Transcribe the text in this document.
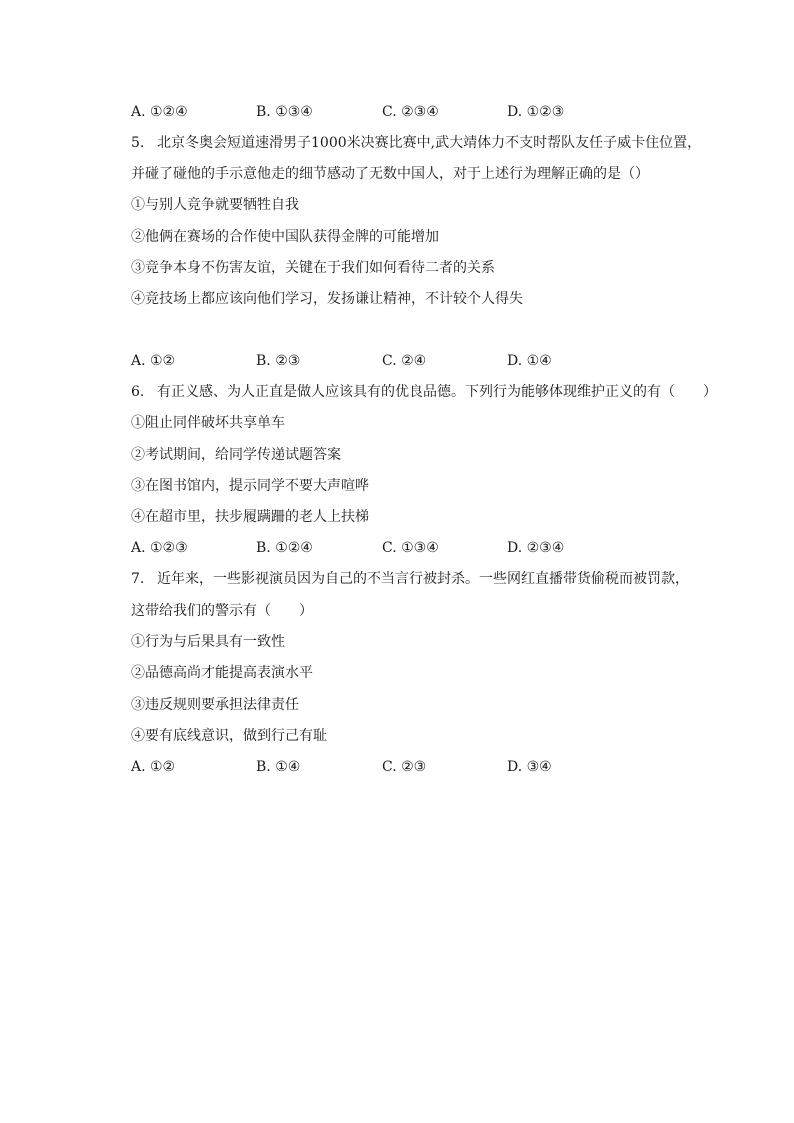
A. ①②④	B. ①③④	C. ②③④	D. ①②③
5. 北京冬奥会短道速滑男子1000米决赛比赛中,武大靖体力不支时帮队友任子威卡住位置，
并碰了碰他的手示意他走的细节感动了无数中国人，对于上述行为理解正确的是（）
①与别人竞争就要牺牲自我
②他俩在赛场的合作使中国队获得金牌的可能增加
③竞争本身不伤害友谊，关键在于我们如何看待二者的关系
④竞技场上都应该向他们学习，发扬谦让精神，不计较个人得失
A. ①②	B. ②③	C. ②④	D. ①④
6. 有正义感、为人正直是做人应该具有的优良品德。下列行为能够体现维护正义的有（　　）
①阻止同伴破坏共享单车
②考试期间，给同学传递试题答案
③在图书馆内，提示同学不要大声喧哗
④在超市里，扶步履蹒跚的老人上扶梯
A. ①②③	B. ①②④	C. ①③④	D. ②③④
7. 近年来，一些影视演员因为自己的不当言行被封杀。一些网红直播带货偷税而被罚款，
这带给我们的警示有（　　）
①行为与后果具有一致性
②品德高尚才能提高表演水平
③违反规则要承担法律责任
④要有底线意识，做到行己有耻
A. ①②	B. ①④	C. ②③	D. ③④
